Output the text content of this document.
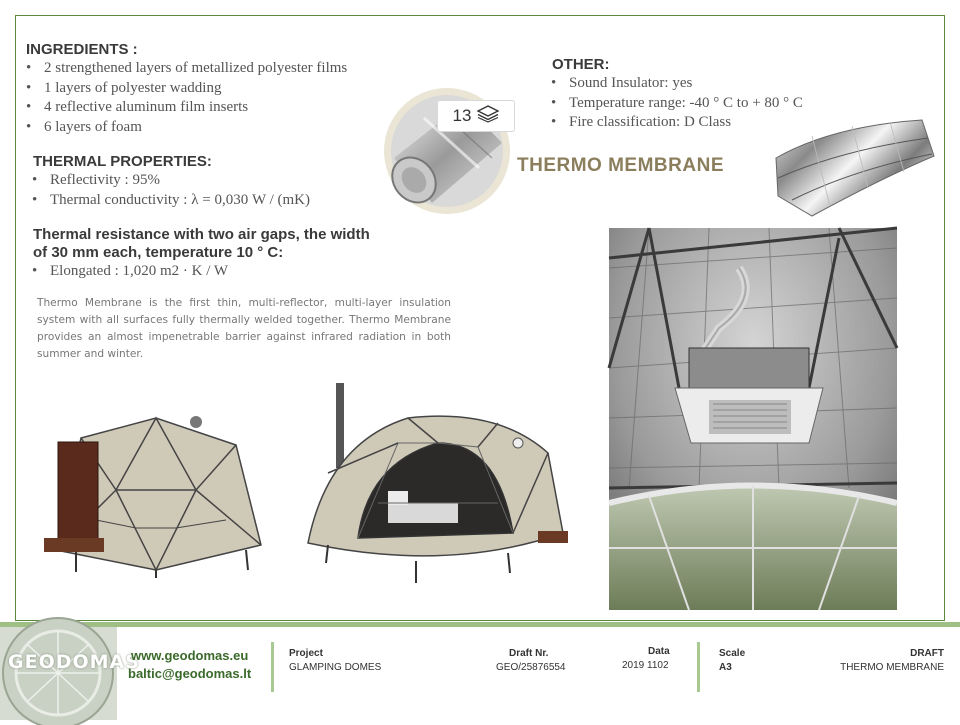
INGREDIENTS :
• 2 strengthened layers of metallized polyester films
• 1 layers of polyester wadding
• 4 reflective aluminum film inserts
• 6 layers of foam
THERMAL PROPERTIES:
• Reflectivity : 95%
• Thermal conductivity : λ = 0,030 W / (mK)
Thermal resistance with two air gaps, the width
of 30 mm each, temperature 10 ° C:
• Elongated : 1,020 m2 · K / W
Thermo Membrane is the first thin, multi-reflector, multi-layer insulation system with all surfaces fully thermally welded together. Thermo Membrane provides an almost impenetrable barrier against infrared radiation in both summer and winter.
OTHER:
• Sound Insulator: yes
• Temperature range: -40 ° C to + 80 ° C
• Fire classification: D Class
13
THERMO MEMBRANE
GEODOMAS
www.geodomas.eu
baltic@geodomas.lt
Project
GLAMPING DOMES
Draft Nr.
GEO/25876554
Data
2019 1102
Scale
A3
DRAFT
THERMO MEMBRANE
